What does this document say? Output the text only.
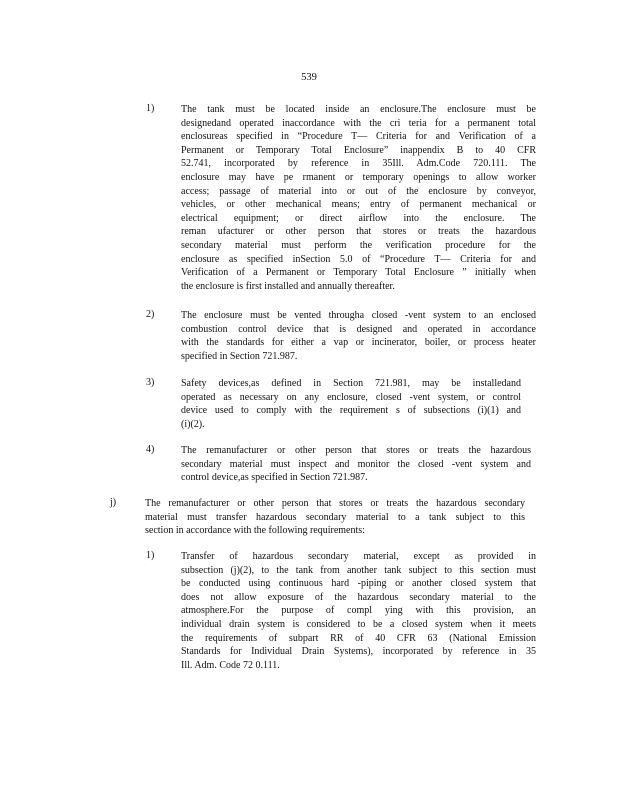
539
1)	The tank must be located inside an enclosure.The enclosure must be
designedand operated inaccordance with the cri teria for a permanent total
enclosureas specified in “Procedure T— Criteria for and Verification of a
Permanent or Temporary Total Enclosure” inappendix B to 40 CFR
52.741, incorporated by reference in 35Ill. Adm.Code 720.111. The
enclosure may have pe rmanent or temporary openings to allow worker
access; passage of material into or out of the enclosure by conveyor,
vehicles, or other mechanical means; entry of permanent mechanical or
electrical equipment; or direct airflow into the enclosure. The
reman ufacturer or other person that stores or treats the hazardous
secondary material must perform the verification procedure for the
enclosure as specified inSection 5.0 of “Procedure T— Criteria for and
Verification of a Permanent or Temporary Total Enclosure ” initially when
the enclosure is first installed and annually thereafter.
2)	The enclosure must be vented througha closed -vent system to an enclosed
combustion control device that is designed and operated in accordance
with the standards for either a vap or incinerator, boiler, or process heater
specified in Section 721.987.
3)	Safety devices,as defined in Section 721.981, may be installedand
operated as necessary on any enclosure, closed -vent system, or control
device used to comply with the requirement s of subsections (i)(1) and
(i)(2).
4)	The remanufacturer or other person that stores or treats the hazardous
secondary material must inspect and monitor the closed -vent system and
control device,as specified in Section 721.987.
j)	The remanufacturer or other person that stores or treats the hazardous secondary
material must transfer hazardous secondary material to a tank subject to this
section in accordance with the following requirements:
1)	Transfer of hazardous secondary material, except as provided in
subsection (j)(2), to the tank from another tank subject to this section must
be conducted using continuous hard -piping or another closed system that
does not allow exposure of the hazardous secondary material to the
atmosphere.For the purpose of compl ying with this provision, an
individual drain system is considered to be a closed system when it meets
the requirements of subpart RR of 40 CFR 63 (National Emission
Standards for Individual Drain Systems), incorporated by reference in 35
Ill. Adm. Code 72 0.111.
